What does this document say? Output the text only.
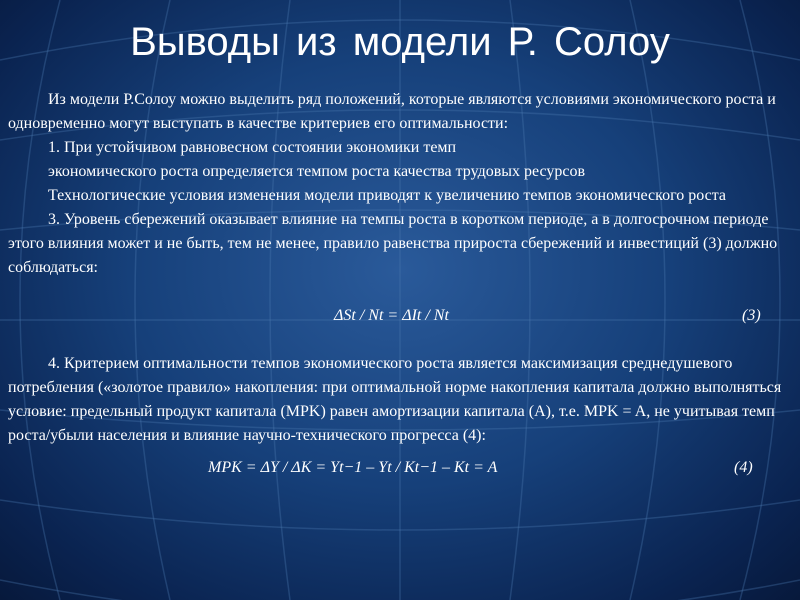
Выводы из модели Р. Солоу

Из модели Р.Солоу можно выделить ряд положений, которые являются условиями экономического роста и одновременно могут выступать в качестве критериев его оптимальности:

1. При устойчивом равновесном состоянии экономики темп

экономического роста определяется темпом роста качества трудовых ресурсов

Технологические условия изменения модели приводят к увеличению темпов экономического роста

3. Уровень сбережений оказывает влияние на темпы роста в коротком периоде, а в долгосрочном периоде этого влияния может и не быть, тем не менее, правило равенства прироста сбережений и инвестиций (3) должно соблюдаться:

ΔSt / Nt = ΔIt / Nt	(3)

4. Критерием оптимальности темпов экономического роста является максимизация среднедушевого потребления («золотое правило» накопления: при оптимальной норме накопления капитала должно выполняться условие: предельный продукт капитала (MPK) равен амортизации капитала (A), т.е. MPK = A, не учитывая темп роста/убыли населения и влияние научно-технического прогресса (4):

MPK = ΔY / ΔK = Yt−1 – Yt / Kt−1 – Kt = A	(4)
